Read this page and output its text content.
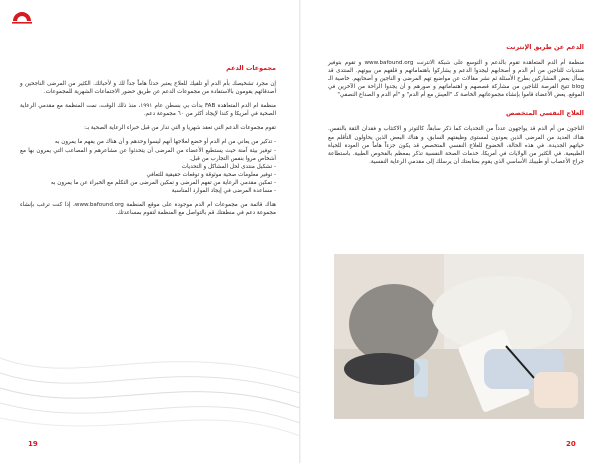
مجموعات الدعم

إن مجرد تشخيصك بأم الدم أو تلقيك للعلاج يعتبر حدثاً هاماً جداً لك و لأحبائك. الكثير من المرضى الناجحين و أصدقائهم يقومون بالاستفادة من مجموعات الدعم عن طريق حضور الاجتماعات الشهرية للمجموعات.

منظمة ام الدم المتعاهدة FAB بدأت بي بسطن عام ١٩٩١، منذ ذلك الوقت، نمت المنظمة مع مقدمي الرعاية الصحية في أمريكا و كندا لإيجاد أكثر من ٦٠ مجموعة دعم.

تقوم مجموعات الدعم التي تعقد شهريا و التي تدار من قبل خبراء الرعاية الصحية بـ:

- تذكير من يعاني من ام الدم أو خضع لعلاجها أنهم ليسوا وحدهم و أن هناك من يفهم ما يمرون به
- توفير بيئة آمنة حيث يستطيع الأعضاء من المرضى أن يتحدثوا عن مشاعرهم و المصاعب التي يمرون بها مع أشخاص مروا بنفس التجارب من قبل.
- تشكيل منتدى لحل المشاكل و التحديات
- توفير معلومات صحية موثوقة و توقعات حقيقية للتعافي
- تمكين مقدمي الرعاية من تفهم المرضى و تمكين المرضى من التكلم مع الخبراء عن ما يمرون به
- مساعدة المرضى في إيجاد الموارد المناسبة

هناك قائمة من مجموعات ام الدم موجودة على موقع المنظمة www.bafound.org، إذا كنت ترغب بإنشاء مجموعة دعم في منطقتك قم بالتواصل مع المنظمة لتقوم بمساعدتك.

19
الدعم عن طريق الإنترنت

منظمة أم الدم المتعاهدة تقوم بالدعم و التوسع على شبكة الانترنت www.bafound.org و تقوم بتوفير منتديات للناجين من أم الدم و أصحابهم ليجدوا الدعم و يشاركوا باهتماماتهم و قلقهم من بيوتهم. المنتدى قد يسأل بعض المشاركين بطرح الأسئلة ثم نشر مقالات عن مواضيع تهم المرضى و الناجين و أصحابهم. خاصية الـ blog تتيح الفرصة للناجين من مشاركة قصصهم و اهتماماتهم و صورهم و أن يجدوا الراحة من الآخرين في الموقع. يعض الأعضاء قاموا بإنشاء مجموعاتهم الخاصة كـ "العيش مع أم الدم" و "أم الدم و الصداع النصفي"

العلاج النفسي المتخصص

الناجون من أم الدم قد يواجهون عدداً من التحديات كما ذكر سابقاً، كالتوتر و الاكتئاب و فقدان الثقة بالنفس. هناك العديد من المرضى الذين يعودون لمستوى وظيفتهم السابق، و هناك البعض الذين يحاولون التأقلم مع حياتهم الجديدة. في هذه الحالة، الخضوع للعلاج النفسي المتخصص قد يكون جزءاً هاماً من العودة للحياة الطبيعية. في الكثير من الولايات في أمريكا، خدمات الصحة النفسية تذكر بمعظم بالفحوص الطبية. باستطاعة جراح الأعصاب أو طبيبك الأساسي الذي يقوم بمتابعتك أن يرسلك إلى مقدمي الرعاية النفسية.

20
